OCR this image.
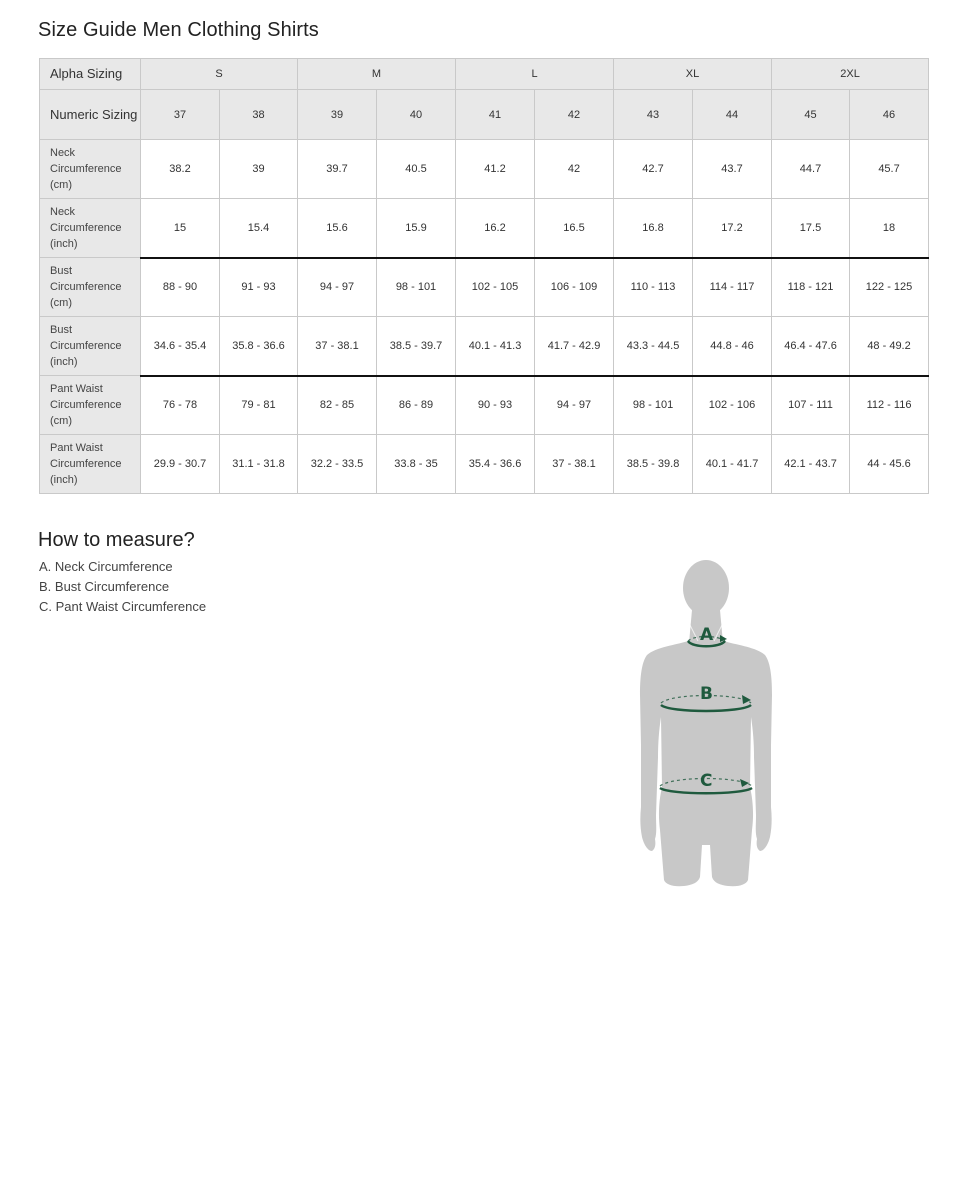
Size Guide Men Clothing Shirts
Alpha Sizing	S		M		L		XL		2XL	
Numeric Sizing	37	38	39	40	41	42	43	44	45	46
Neck Circumference (cm)	38.2	39	39.7	40.5	41.2	42	42.7	43.7	44.7	45.7
Neck Circumference (inch)	15	15.4	15.6	15.9	16.2	16.5	16.8	17.2	17.5	18
Bust Circumference (cm)	88 - 90	91 - 93	94 - 97	98 - 101	102 - 105	106 - 109	110 - 113	114 - 117	118 - 121	122 - 125
Bust Circumference (inch)	34.6 - 35.4	35.8 - 36.6	37 - 38.1	38.5 - 39.7	40.1 - 41.3	41.7 - 42.9	43.3 - 44.5	44.8 - 46	46.4 - 47.6	48 - 49.2
Pant Waist Circumference (cm)	76 - 78	79 - 81	82 - 85	86 - 89	90 - 93	94 - 97	98 - 101	102 - 106	107 - 111	112 - 116
Pant Waist Circumference (inch)	29.9 - 30.7	31.1 - 31.8	32.2 - 33.5	33.8 - 35	35.4 - 36.6	37 - 38.1	38.5 - 39.8	40.1 - 41.7	42.1 - 43.7	44 - 45.6
How to measure?
A. Neck Circumference
B. Bust Circumference
C. Pant Waist Circumference
A
B
C
